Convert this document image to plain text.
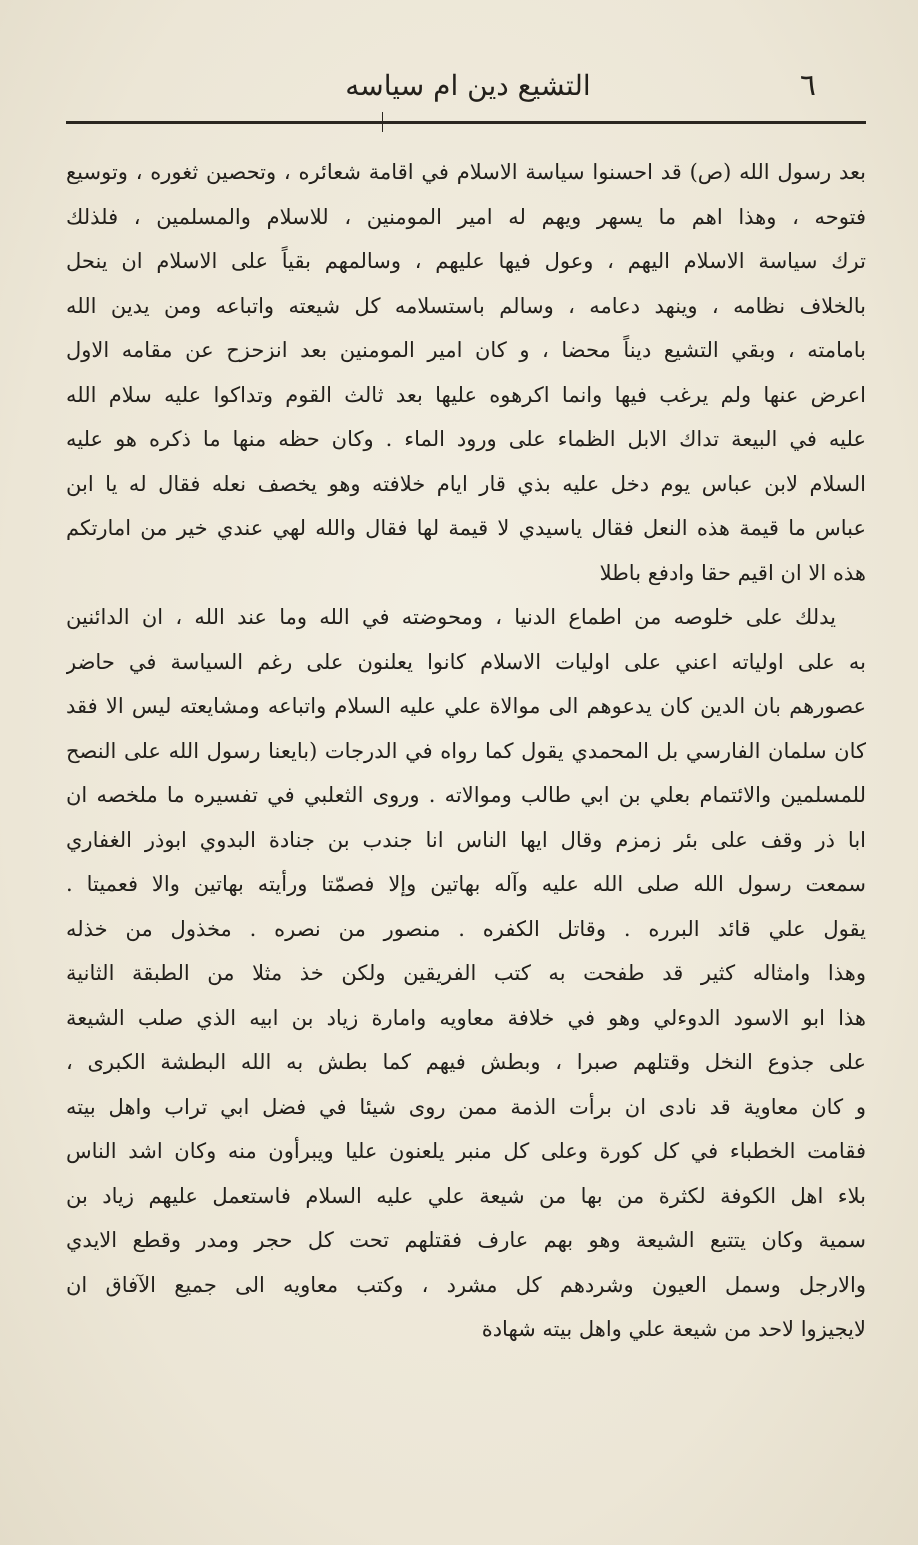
٦
التشيع دين ام سياسه
بعد رسول الله (ص) قد احسنوا سياسة الاسلام في اقامة شعائره ، وتحصين ثغوره ، وتوسيع
فتوحه ، وهذا اهم ما يسهر ويهم له امير المومنين ، للاسلام والمسلمين ، فلذلك
ترك سياسة الاسلام اليهم ، وعول فيها عليهم ، وسالمهم بقياً على الاسلام ان ينحل
بالخلاف نظامه ، وينهد دعامه ، وسالم باستسلامه كل شيعته واتباعه ومن يدين الله
بامامته ، وبقي التشيع ديناً محضا ، و كان امير المومنين بعد انزحزح عن مقامه الاول
اعرض عنها ولم يرغب فيها وانما اكرهوه عليها بعد ثالث القوم وتداكوا عليه سلام الله
عليه في البيعة تداك الابل الظماء على ورود الماء . وكان حظه منها ما ذكره هو عليه
السلام لابن عباس يوم دخل عليه بذي قار ايام خلافته وهو يخصف نعله فقال له يا ابن
عباس ما قيمة هذه النعل فقال ياسيدي لا قيمة لها فقال والله لهي عندي خير من امارتكم
هذه الا ان اقيم حقا وادفع باطلا
يدلك على خلوصه من اطماع الدنيا ، ومحوضته في الله وما عند الله ، ان الدائنين
به على اولياته اعني على اوليات الاسلام كانوا يعلنون على رغم السياسة في حاضر
عصورهم بان الدين كان يدعوهم الى موالاة علي عليه السلام واتباعه ومشايعته ليس الا فقد
كان سلمان الفارسي بل المحمدي يقول كما رواه في الدرجات (بايعنا رسول الله على النصح
للمسلمين والائتمام بعلي بن ابي طالب وموالاته . وروى الثعلبي في تفسيره ما ملخصه ان
ابا ذر وقف على بئر زمزم وقال ايها الناس انا جندب بن جنادة البدوي ابوذر الغفاري
سمعت رسول الله صلى الله عليه وآله بهاتين وإلا فصمّتا ورأيته بهاتين والا فعميتا .
يقول علي قائد البرره . وقاتل الكفره . منصور من نصره . مخذول من خذله
وهذا وامثاله كثير قد طفحت به كتب الفريقين ولكن خذ مثلا من الطبقة الثانية
هذا ابو الاسود الدوءلي وهو في خلافة معاويه وامارة زياد بن ابيه الذي صلب الشيعة
على جذوع النخل وقتلهم صبرا ، وبطش فيهم كما بطش به الله البطشة الكبرى ،
و كان معاوية قد نادى ان برأت الذمة ممن روى شيئا في فضل ابي تراب واهل بيته
فقامت الخطباء في كل كورة وعلى كل منبر يلعنون عليا ويبرأون منه وكان اشد الناس
بلاء اهل الكوفة لكثرة من بها من شيعة علي عليه السلام فاستعمل عليهم زياد بن
سمية وكان يتتبع الشيعة وهو بهم عارف فقتلهم تحت كل حجر ومدر وقطع الايدي
والارجل وسمل العيون وشردهم كل مشرد ، وكتب معاويه الى جميع الآفاق ان
لايجيزوا لاحد من شيعة علي واهل بيته شهادة
